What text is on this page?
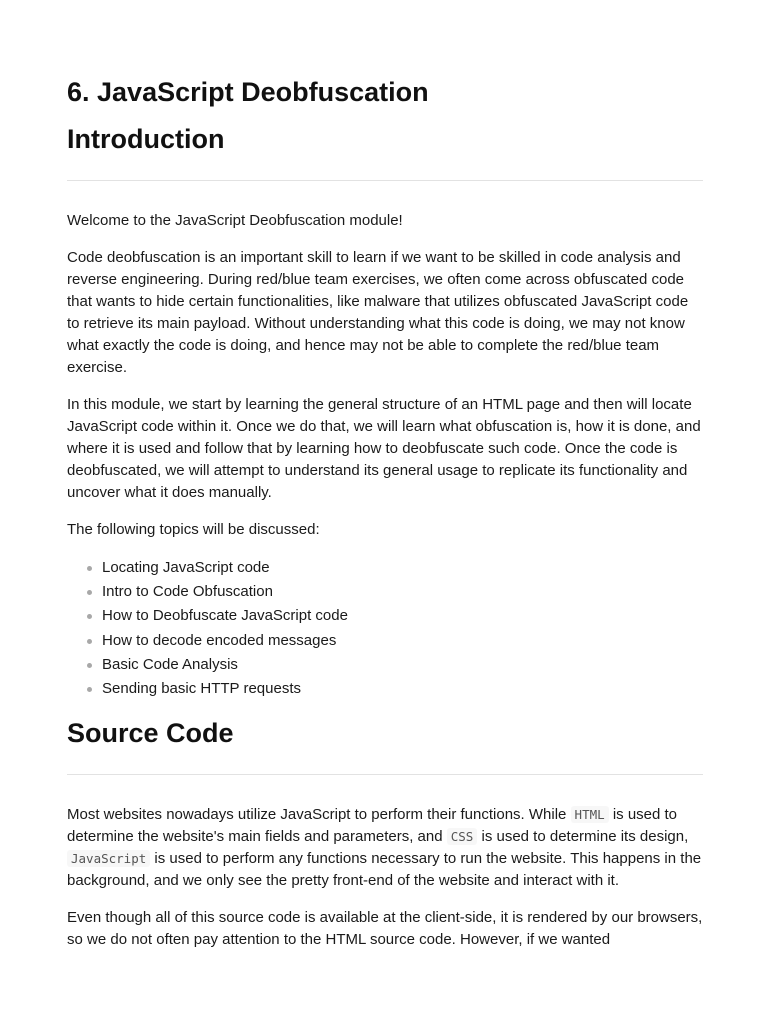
6. JavaScript Deobfuscation
Introduction

Welcome to the JavaScript Deobfuscation module!

Code deobfuscation is an important skill to learn if we want to be skilled in code analysis and reverse engineering. During red/blue team exercises, we often come across obfuscated code that wants to hide certain functionalities, like malware that utilizes obfuscated JavaScript code to retrieve its main payload. Without understanding what this code is doing, we may not know what exactly the code is doing, and hence may not be able to complete the red/blue team exercise.

In this module, we start by learning the general structure of an HTML page and then will locate JavaScript code within it. Once we do that, we will learn what obfuscation is, how it is done, and where it is used and follow that by learning how to deobfuscate such code. Once the code is deobfuscated, we will attempt to understand its general usage to replicate its functionality and uncover what it does manually.

The following topics will be discussed:

Locating JavaScript code
Intro to Code Obfuscation
How to Deobfuscate JavaScript code
How to decode encoded messages
Basic Code Analysis
Sending basic HTTP requests
Source Code

Most websites nowadays utilize JavaScript to perform their functions. While HTML is used to determine the website's main fields and parameters, and CSS is used to determine its design, JavaScript is used to perform any functions necessary to run the website. This happens in the background, and we only see the pretty front-end of the website and interact with it.

Even though all of this source code is available at the client-side, it is rendered by our browsers, so we do not often pay attention to the HTML source code. However, if we wanted
